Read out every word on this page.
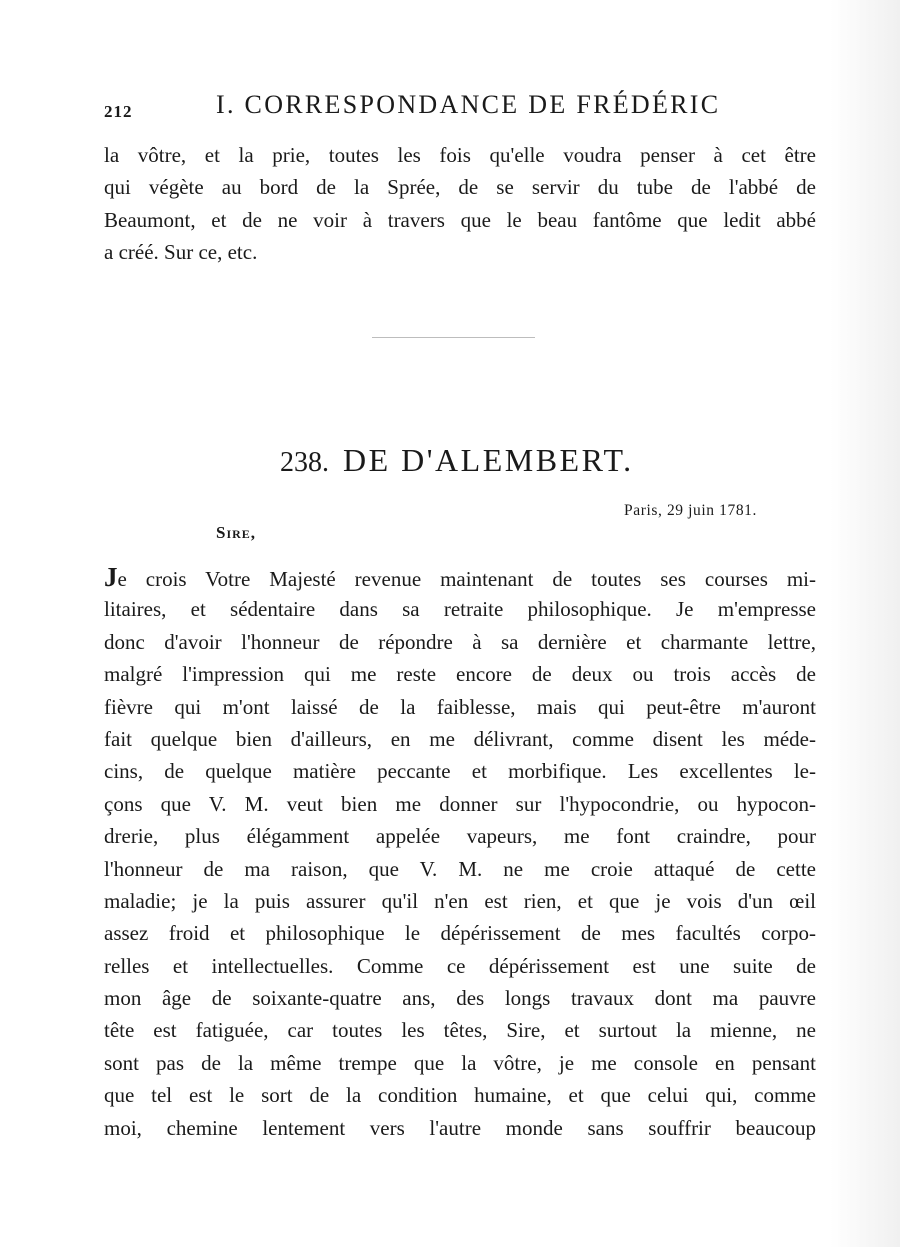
212	I. CORRESPONDANCE DE FRÉDÉRIC
la vôtre, et la prie, toutes les fois qu'elle voudra penser à cet être
qui végète au bord de la Sprée, de se servir du tube de l'abbé de
Beaumont, et de ne voir à travers que le beau fantôme que ledit abbé
a créé. Sur ce, etc.
238. DE D'ALEMBERT.
Paris, 29 juin 1781.
Sire,
Je crois Votre Majesté revenue maintenant de toutes ses courses mi-
litaires, et sédentaire dans sa retraite philosophique. Je m'empresse
donc d'avoir l'honneur de répondre à sa dernière et charmante lettre,
malgré l'impression qui me reste encore de deux ou trois accès de
fièvre qui m'ont laissé de la faiblesse, mais qui peut-être m'auront
fait quelque bien d'ailleurs, en me délivrant, comme disent les méde-
cins, de quelque matière peccante et morbifique. Les excellentes le-
çons que V. M. veut bien me donner sur l'hypocondrie, ou hypocon-
drerie, plus élégamment appelée vapeurs, me font craindre, pour
l'honneur de ma raison, que V. M. ne me croie attaqué de cette
maladie; je la puis assurer qu'il n'en est rien, et que je vois d'un œil
assez froid et philosophique le dépérissement de mes facultés corpo-
relles et intellectuelles. Comme ce dépérissement est une suite de
mon âge de soixante-quatre ans, des longs travaux dont ma pauvre
tête est fatiguée, car toutes les têtes, Sire, et surtout la mienne, ne
sont pas de la même trempe que la vôtre, je me console en pensant
que tel est le sort de la condition humaine, et que celui qui, comme
moi, chemine lentement vers l'autre monde sans souffrir beaucoup
